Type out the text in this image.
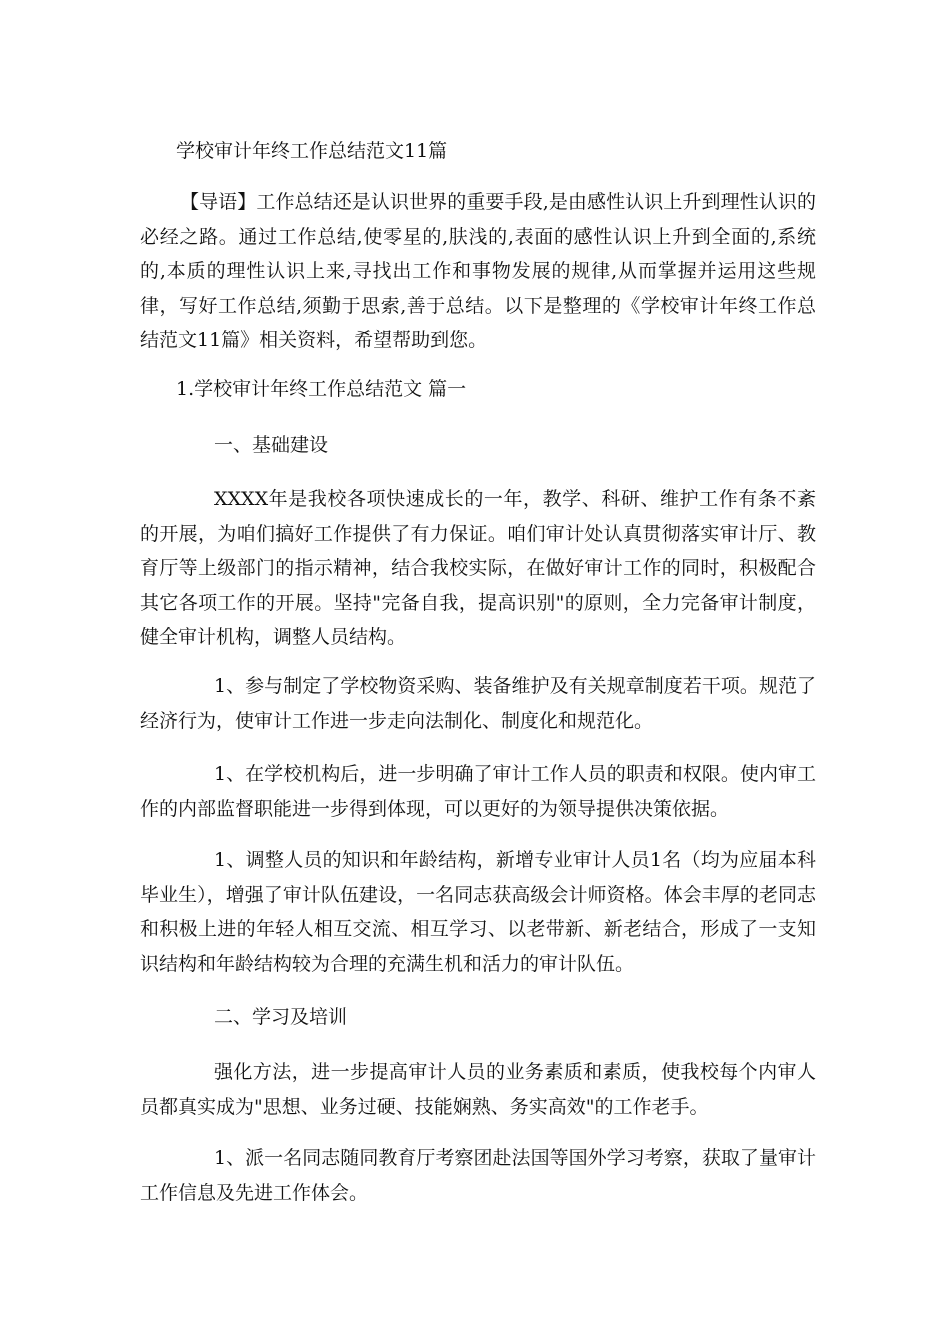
学校审计年终工作总结范文11篇

【导语】工作总结还是认识世界的重要手段,是由感性认识上升到理性认识的必经之路。通过工作总结,使零星的,肤浅的,表面的感性认识上升到全面的,系统的,本质的理性认识上来,寻找出工作和事物发展的规律,从而掌握并运用这些规律，写好工作总结,须勤于思索,善于总结。以下是整理的《学校审计年终工作总结范文11篇》相关资料，希望帮助到您。

1.学校审计年终工作总结范文 篇一

一、基础建设

XXXX年是我校各项快速成长的一年，教学、科研、维护工作有条不紊的开展，为咱们搞好工作提供了有力保证。咱们审计处认真贯彻落实审计厅、教育厅等上级部门的指示精神，结合我校实际，在做好审计工作的同时，积极配合其它各项工作的开展。坚持"完备自我，提高识别"的原则，全力完备审计制度，健全审计机构，调整人员结构。

1、参与制定了学校物资采购、装备维护及有关规章制度若干项。规范了经济行为，使审计工作进一步走向法制化、制度化和规范化。

1、在学校机构后，进一步明确了审计工作人员的职责和权限。使内审工作的内部监督职能进一步得到体现，可以更好的为领导提供决策依据。

1、调整人员的知识和年龄结构，新增专业审计人员1名（均为应届本科毕业生），增强了审计队伍建设，一名同志获高级会计师资格。体会丰厚的老同志和积极上进的年轻人相互交流、相互学习、以老带新、新老结合，形成了一支知识结构和年龄结构较为合理的充满生机和活力的审计队伍。

二、学习及培训

强化方法，进一步提高审计人员的业务素质和素质，使我校每个内审人员都真实成为"思想、业务过硬、技能娴熟、务实高效"的工作老手。

1、派一名同志随同教育厅考察团赴法国等国外学习考察，获取了量审计工作信息及先进工作体会。
